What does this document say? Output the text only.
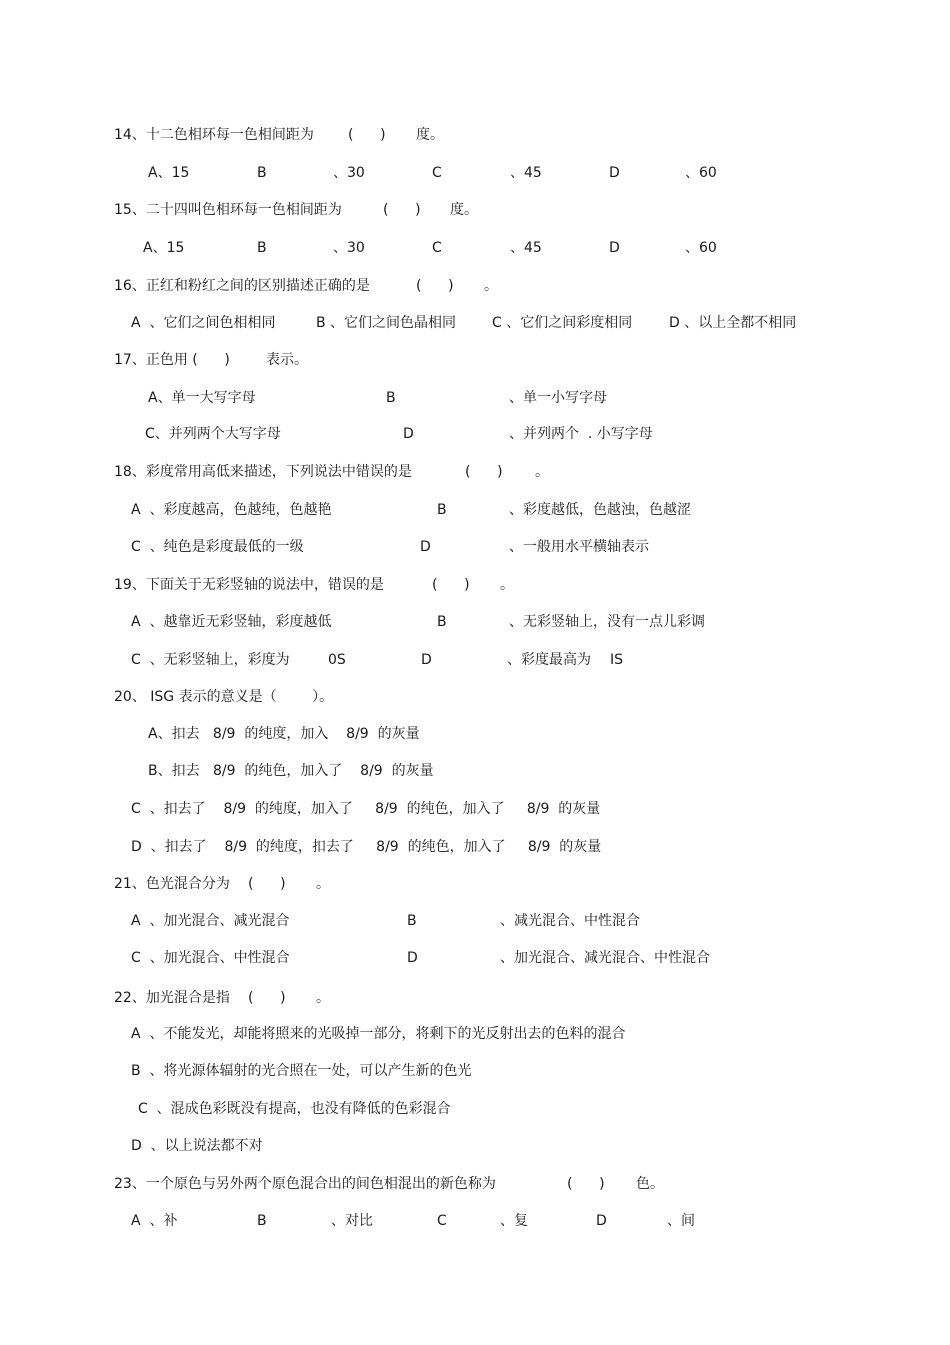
14、十二色相环每一色相间距为 (      ) 度。
A、15	B	、30	C	、45	D	、60
15、二十四叫色相环每一色相间距为	(      ) 度。
A、15	B	、30	C	、45	D	、60
16、正红和粉红之间的区别描述正确的是	(      ) 。
A  、它们之间色相相同	B 、它们之间色晶相同	C 、它们之间彩度相同	D 、以上全都不相同
17、正色用 (      )	表示。
A、单一大写字母	B	、单一小写字母
C、并列两个大写字母	D	、并列两个  . 小写字母
18、彩度常用高低来描述，下列说法中错误的是	(      ) 。
A  、彩度越高，色越纯，色越艳	B	、彩度越低，色越浊，色越涩
C  、纯色是彩度最低的一级	D	、一般用水平横轴表示
19、下面关于无彩竖轴的说法中，错误的是	(      ) 。
A  、越靠近无彩竖轴，彩度越低	B	、无彩竖轴上，没有一点儿彩调
C  、无彩竖轴上，彩度为	0S	D	、彩度最高为 IS
20、 ISG 表示的意义是（        ）。
A、扣去   8/9  的纯度，加入    8/9  的灰量
B、扣去   8/9  的纯色，加入了    8/9  的灰量
C  、扣去了    8/9  的纯度，加入了     8/9  的纯色，加入了     8/9  的灰量
D  、扣去了    8/9  的纯度，扣去了     8/9  的纯色，加入了     8/9  的灰量
21、色光混合分为 (      ) 。
A  、加光混合、减光混合	B	、减光混合、中性混合
C  、加光混合、中性混合	D	、加光混合、减光混合、中性混合
22、加光混合是指 (      ) 。
A  、不能发光，却能将照来的光吸掉一部分，将剩下的光反射出去的色料的混合
B  、将光源体辐射的光合照在一处，可以产生新的色光
C  、混成色彩既没有提高，也没有降低的色彩混合
D  、以上说法都不对
23、一个原色与另外两个原色混合出的间色相混出的新色称为	(      ) 色。
A  、补	B	、对比	C	、复	D	、间
